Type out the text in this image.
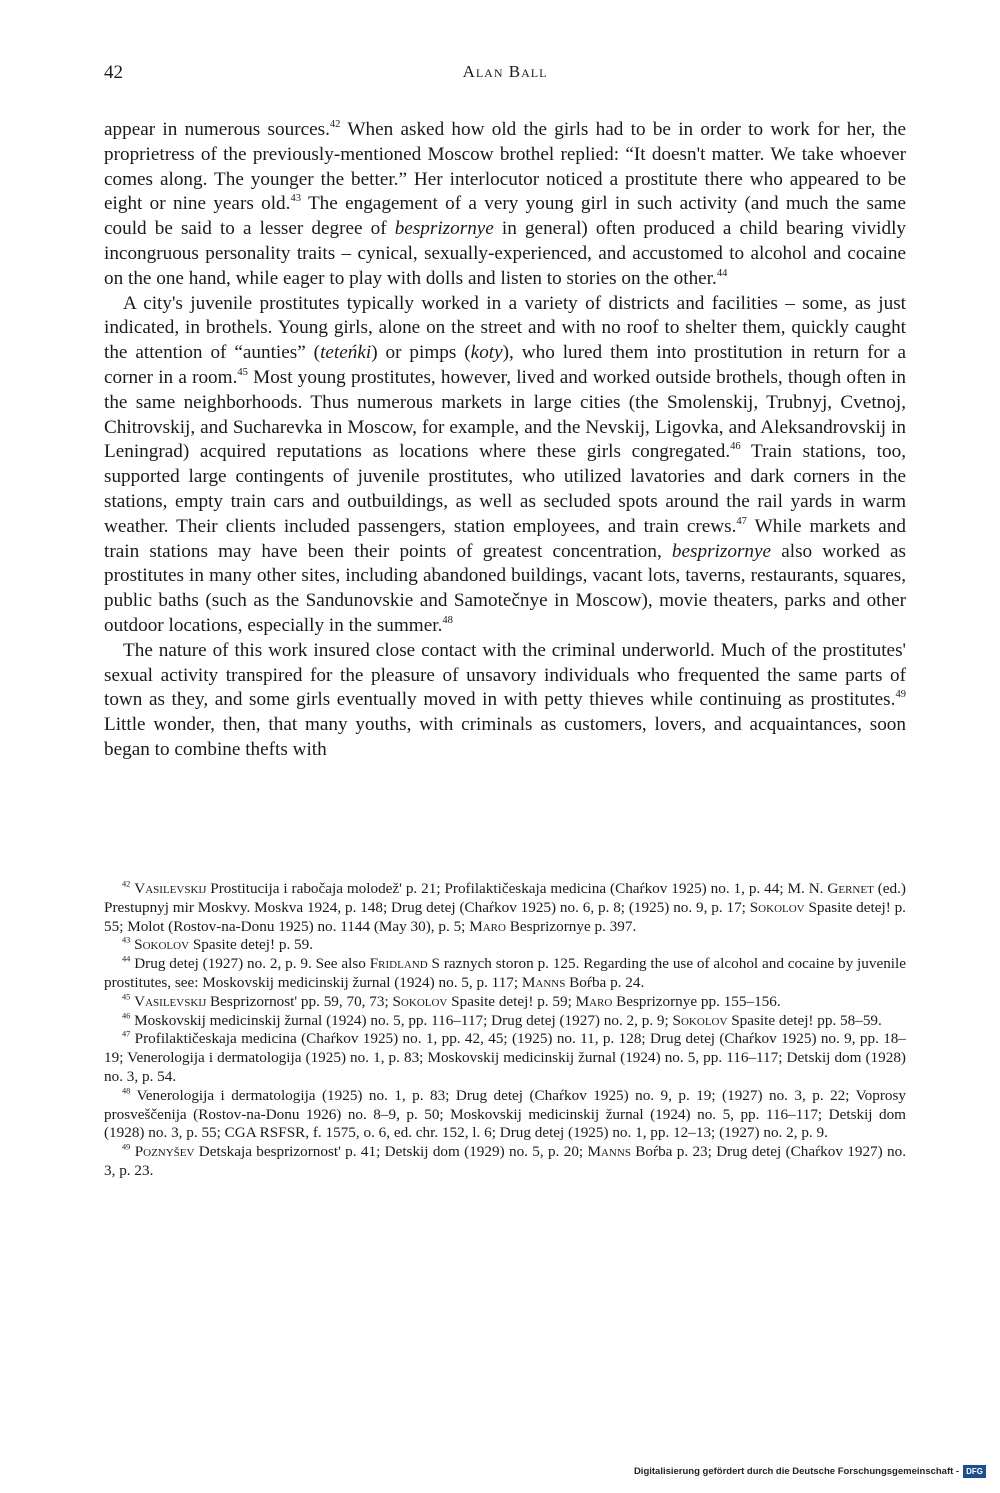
42	Alan Ball

appear in numerous sources.$^{42}$ When asked how old the girls had to be in order to work for her, the proprietress of the previously-mentioned Moscow brothel replied: “It doesn't matter. We take whoever comes along. The younger the better.” Her interlocutor noticed a prostitute there who appeared to be eight or nine years old.$^{43}$ The engagement of a very young girl in such activity (and much the same could be said to a lesser degree of besprizornye in general) often produced a child bearing vividly incongruous personality traits – cynical, sexually-experienced, and accustomed to alcohol and cocaine on the one hand, while eager to play with dolls and listen to stories on the other.$^{44}$

A city's juvenile prostitutes typically worked in a variety of districts and facilities – some, as just indicated, in brothels. Young girls, alone on the street and with no roof to shelter them, quickly caught the attention of “aunties” (teteńki) or pimps (koty), who lured them into prostitution in return for a corner in a room.$^{45}$ Most young prostitutes, however, lived and worked outside brothels, though often in the same neighborhoods. Thus numerous markets in large cities (the Smolenskij, Trubnyj, Cvetnoj, Chitrovskij, and Sucharevka in Moscow, for example, and the Nevskij, Ligovka, and Aleksandrovskij in Leningrad) acquired reputations as locations where these girls congregated.$^{46}$ Train stations, too, supported large contingents of juvenile prostitutes, who utilized lavatories and dark corners in the stations, empty train cars and outbuildings, as well as secluded spots around the rail yards in warm weather. Their clients included passengers, station employees, and train crews.$^{47}$ While markets and train stations may have been their points of greatest concentration, besprizornye also worked as prostitutes in many other sites, including abandoned buildings, vacant lots, taverns, restaurants, squares, public baths (such as the Sandunovskie and Samotečnye in Moscow), movie theaters, parks and other outdoor locations, especially in the summer.$^{48}$

The nature of this work insured close contact with the criminal underworld. Much of the prostitutes' sexual activity transpired for the pleasure of unsavory individuals who frequented the same parts of town as they, and some girls eventually moved in with petty thieves while continuing as prostitutes.$^{49}$ Little wonder, then, that many youths, with criminals as customers, lovers, and acquaintances, soon began to combine thefts with

$^{42}$ Vasilevskij Prostitucija i rabočaja molodež' p. 21; Profilaktičeskaja medicina (Chaŕkov 1925) no. 1, p. 44; M. N. Gernet (ed.) Prestupnyj mir Moskvy. Moskva 1924, p. 148; Drug detej (Chaŕkov 1925) no. 6, p. 8; (1925) no. 9, p. 17; Sokolov Spasite detej! p. 55; Molot (Rostov-na-Donu 1925) no. 1144 (May 30), p. 5; Maro Besprizornye p. 397.

$^{43}$ Sokolov Spasite detej! p. 59.

$^{44}$ Drug detej (1927) no. 2, p. 9. See also Fridland S raznych storon p. 125. Regarding the use of alcohol and cocaine by juvenile prostitutes, see: Moskovskij medicinskij žurnal (1924) no. 5, p. 117; Manns Boŕba p. 24.

$^{45}$ Vasilevskij Besprizornost' pp. 59, 70, 73; Sokolov Spasite detej! p. 59; Maro Besprizornye pp. 155–156.

$^{46}$ Moskovskij medicinskij žurnal (1924) no. 5, pp. 116–117; Drug detej (1927) no. 2, p. 9; Sokolov Spasite detej! pp. 58–59.

$^{47}$ Profilaktičeskaja medicina (Chaŕkov 1925) no. 1, pp. 42, 45; (1925) no. 11, p. 128; Drug detej (Chaŕkov 1925) no. 9, pp. 18–19; Venerologija i dermatologija (1925) no. 1, p. 83; Moskovskij medicinskij žurnal (1924) no. 5, pp. 116–117; Detskij dom (1928) no. 3, p. 54.

$^{48}$ Venerologija i dermatologija (1925) no. 1, p. 83; Drug detej (Chaŕkov 1925) no. 9, p. 19; (1927) no. 3, p. 22; Voprosy prosveščenija (Rostov-na-Donu 1926) no. 8–9, p. 50; Moskovskij medicinskij žurnal (1924) no. 5, pp. 116–117; Detskij dom (1928) no. 3, p. 55; CGA RSFSR, f. 1575, o. 6, ed. chr. 152, l. 6; Drug detej (1925) no. 1, pp. 12–13; (1927) no. 2, p. 9.

$^{49}$ Poznyšev Detskaja besprizornost' p. 41; Detskij dom (1929) no. 5, p. 20; Manns Boŕba p. 23; Drug detej (Chaŕkov 1927) no. 3, p. 23.

Digitalisierung gefördert durch die Deutsche Forschungsgemeinschaft - DFG
